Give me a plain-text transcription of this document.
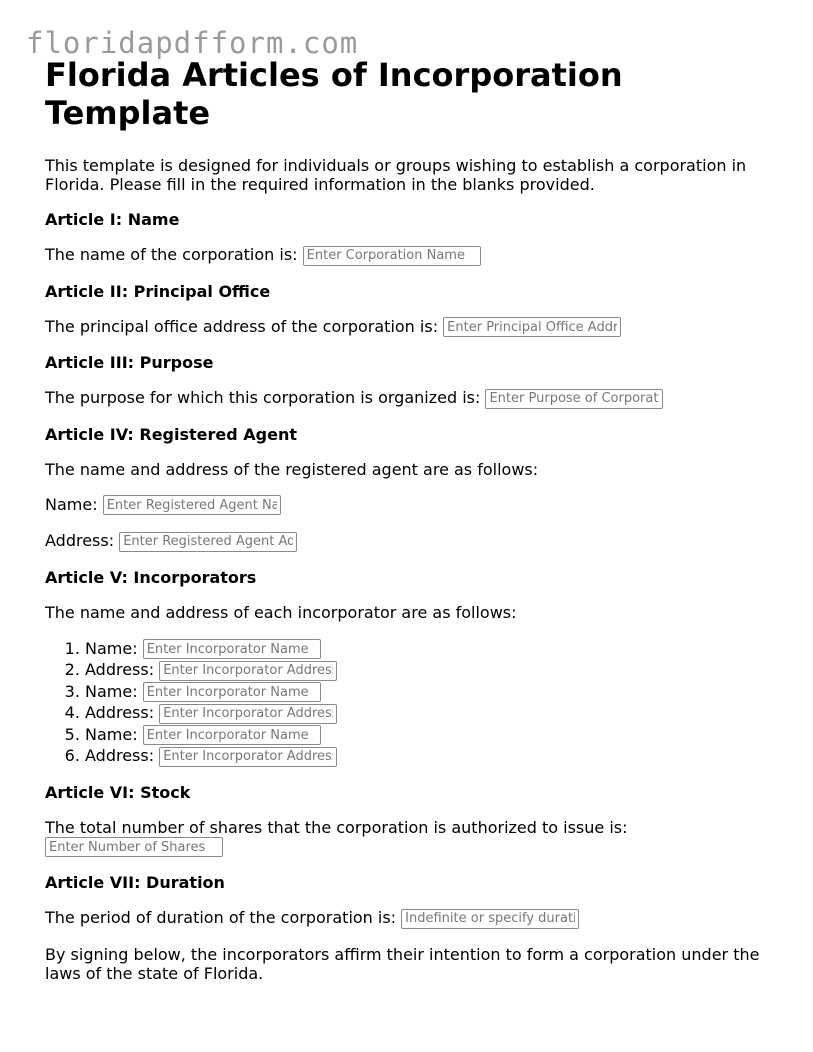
floridapdfform.com
Florida Articles of Incorporation Template

This template is designed for individuals or groups wishing to establish a corporation in Florida. Please fill in the required information in the blanks provided.

Article I: Name

The name of the corporation is: Enter Corporation Name

Article II: Principal Office

The principal office address of the corporation is: Enter Principal Office Address

Article III: Purpose

The purpose for which this corporation is organized is: Enter Purpose of Corporation

Article IV: Registered Agent

The name and address of the registered agent are as follows:

Name: Enter Registered Agent Name

Address: Enter Registered Agent Address

Article V: Incorporators

The name and address of each incorporator are as follows:

1. Name: Enter Incorporator Name
2. Address: Enter Incorporator Address
3. Name: Enter Incorporator Name
4. Address: Enter Incorporator Address
5. Name: Enter Incorporator Name
6. Address: Enter Incorporator Address
Article VI: Stock

The total number of shares that the corporation is authorized to issue is:
Enter Number of Shares

Article VII: Duration

The period of duration of the corporation is: Indefinite or specify duration

By signing below, the incorporators affirm their intention to form a corporation under the laws of the state of Florida.
